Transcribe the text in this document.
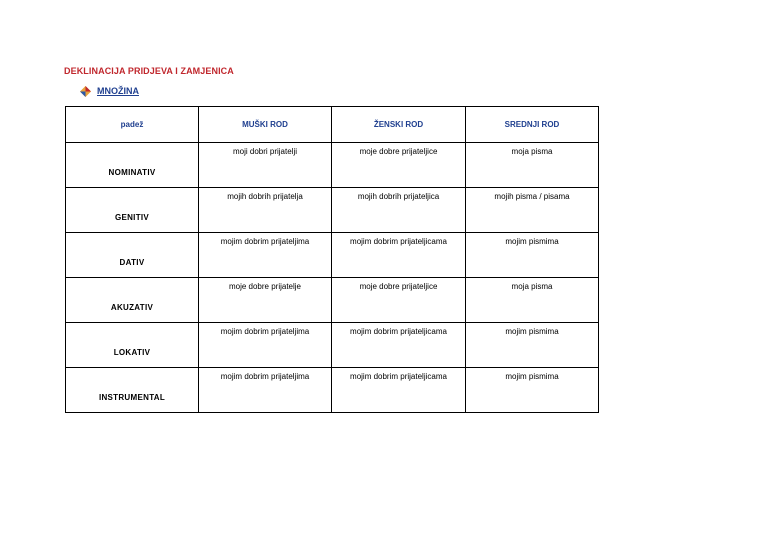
DEKLINACIJA PRIDJEVA I ZAMJENICA
MNOŽINA
padež	MUŠKI ROD	ŽENSKI ROD	SREDNJI ROD
NOMINATIV	moji dobri prijatelji	moje dobre prijateljice	moja pisma
GENITIV	mojih dobrih prijatelja	mojih dobrih prijateljica	mojih pisma / pisama
DATIV	mojim dobrim prijateljima	mojim dobrim prijateljicama	mojim pismima
AKUZATIV	moje dobre prijatelje	moje dobre prijateljice	moja pisma
LOKATIV	mojim dobrim prijateljima	mojim dobrim prijateljicama	mojim pismima
INSTRUMENTAL	mojim dobrim prijateljima	mojim dobrim prijateljicama	mojim pismima
